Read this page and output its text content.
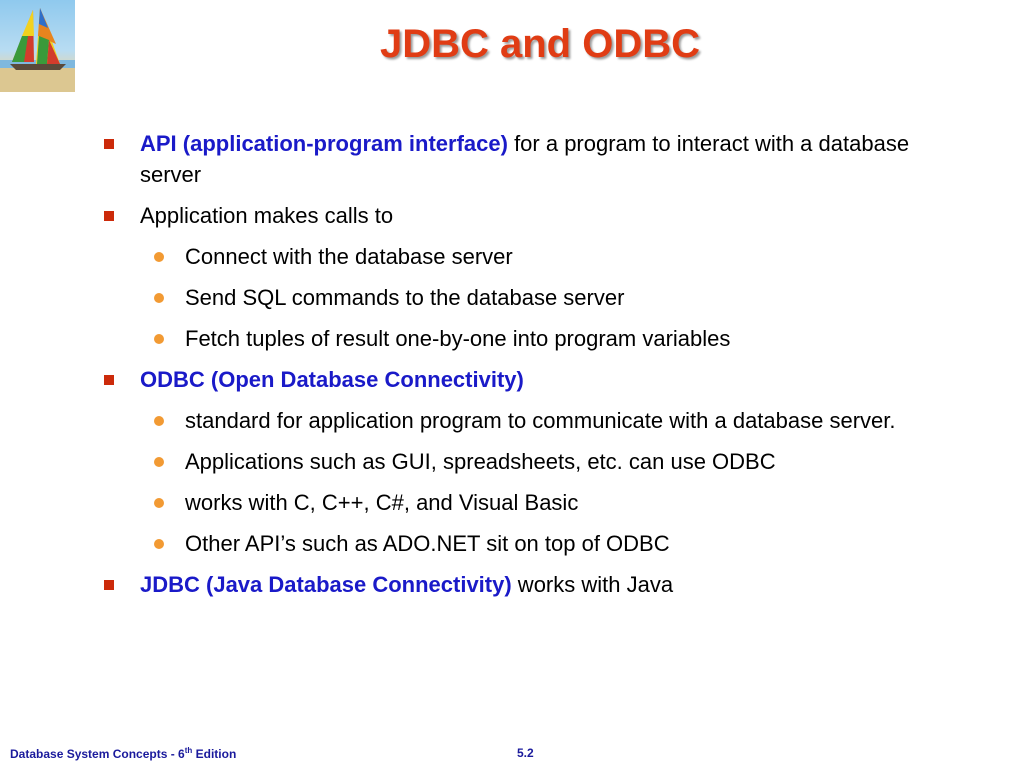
JDBC and ODBC
API (application-program interface) for a program to interact with a database server
Application makes calls to
Connect with the database server
Send SQL commands to the database server
Fetch tuples of result one-by-one into program variables
ODBC (Open Database Connectivity)
standard for application program to communicate with a database server.
Applications such as GUI, spreadsheets, etc. can use ODBC
works with C, C++, C#, and Visual Basic
Other API’s such as ADO.NET sit on top of ODBC
JDBC (Java Database Connectivity) works with Java
Database System Concepts - 6th Edition	5.2
